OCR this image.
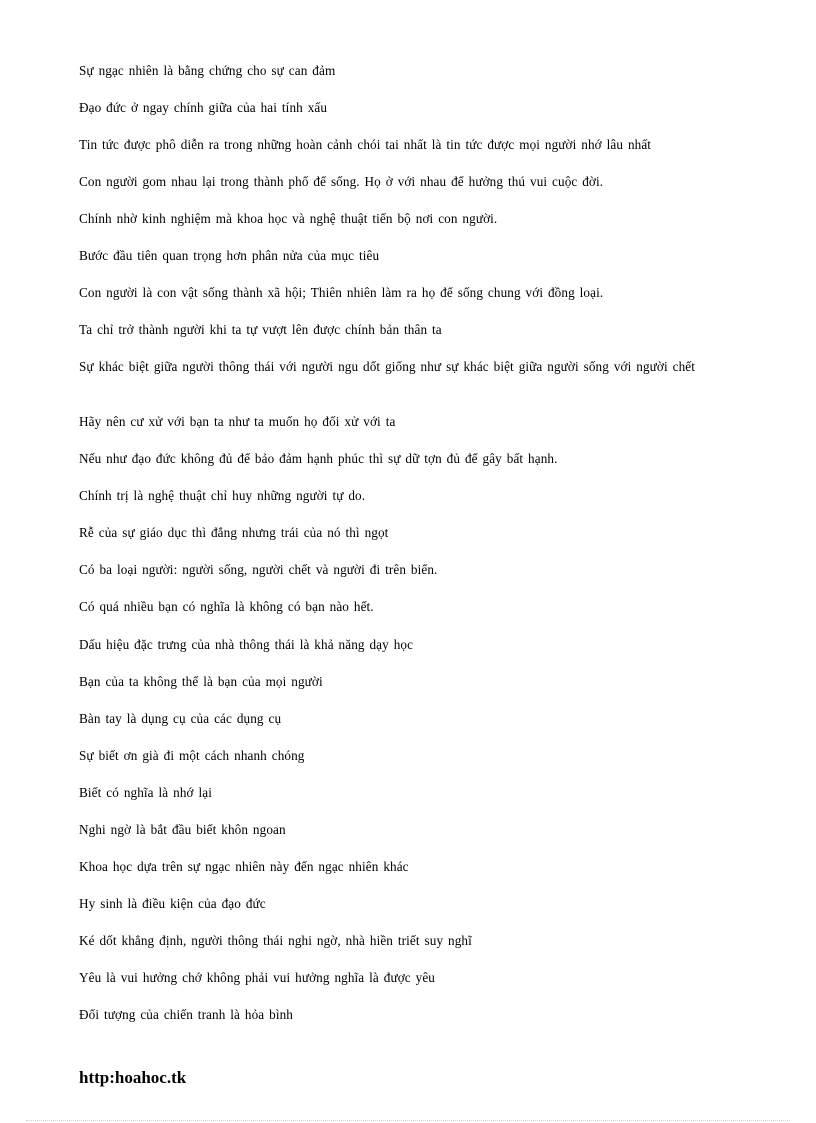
Sự ngạc nhiên là bằng chứng cho sự can đảm

Đạo đức ở ngay chính giữa của hai tính xấu

Tin tức được phô diễn ra trong những hoàn cảnh chói tai nhất là tin tức được mọi người nhớ lâu nhất

Con người gom nhau lại trong thành phố để sống. Họ ở với nhau để hưởng thú vui cuộc đời.

Chính nhờ kinh nghiệm mà khoa học và nghệ thuật tiến bộ nơi con người.

Bước đầu tiên quan trọng hơn phân nửa của mục tiêu

Con người là con vật sống thành xã hội; Thiên nhiên làm ra họ để sống chung với đồng loại.

Ta chỉ trở thành người khi ta tự vượt lên được chính bản thân ta

Sự khác biệt giữa người thông thái với người ngu dốt giống như sự khác biệt giữa người sống với người chết

Hãy nên cư xử với bạn ta như ta muốn họ đối xử với ta

Nếu như đạo đức không đủ để bảo đảm hạnh phúc thì sự dữ tợn đủ để gây bất hạnh.

Chính trị là nghệ thuật chỉ huy những người tự do.

Rễ của sự giáo dục thì đắng nhưng trái của nó thì ngọt

Có ba loại người: người sống, người chết và người đi trên biển.

Có quá nhiều bạn có nghĩa là không có bạn nào hết.

Dấu hiệu đặc trưng của nhà thông thái là khả năng dạy học

Bạn của ta không thể là bạn của mọi người

Bàn tay là dụng cụ của các dụng cụ

Sự biết ơn già đi một cách nhanh chóng

Biết có nghĩa là nhớ lại

Nghi ngờ là bắt đầu biết khôn ngoan

Khoa học dựa trên sự ngạc nhiên này đến ngạc nhiên khác

Hy sinh là điều kiện của đạo đức

Ké dốt khẳng định, người thông thái nghi ngờ, nhà hiền triết suy nghĩ

Yêu là vui hưởng chớ không phải vui hưởng nghĩa là được yêu

Đối tượng của chiến tranh là hỏa bình

http:hoahoc.tk
